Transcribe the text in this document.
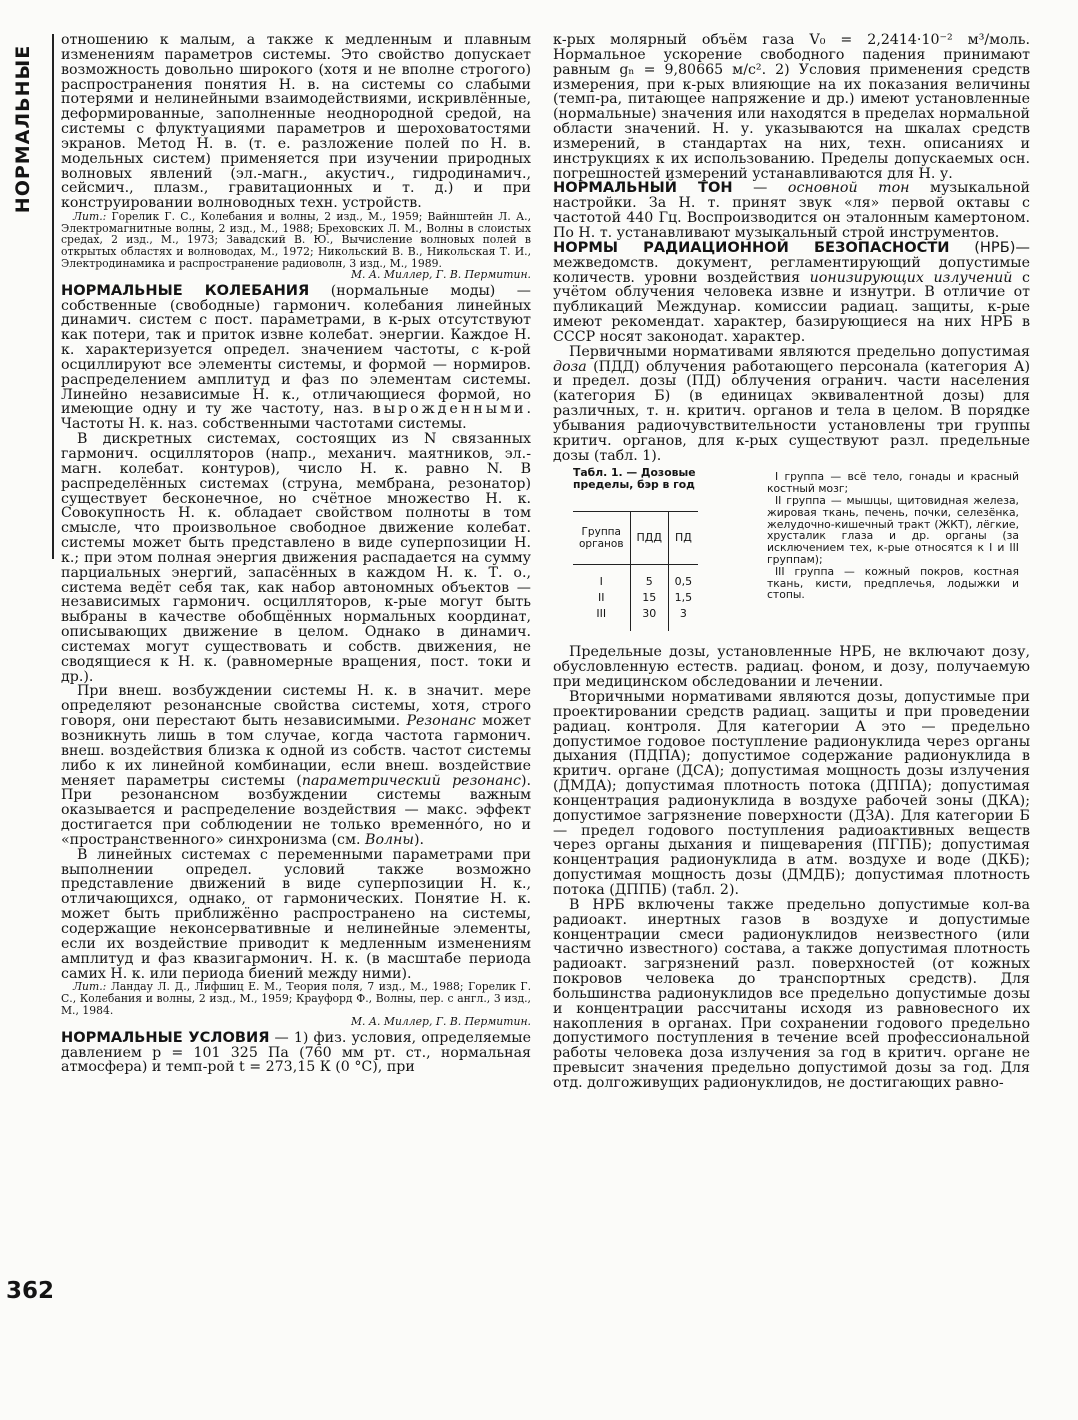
НОРМАЛЬНЫЕ
362

отношению к малым, а также к медленным и плавным изменениям параметров системы. Это свойство допускает возможность довольно широкого (хотя и не вполне строгого) распространения понятия Н. в. на системы со слабыми потерями и нелинейными взаимодействиями, искривлённые, деформированные, заполненные неоднородной средой, на системы с флуктуациями параметров и шероховатостями экранов. Метод Н. в. (т. е. разложение полей по Н. в. модельных систем) применяется при изучении природных волновых явлений (эл.-магн., акустич., гидродинамич., сейсмич., плазм., гравитационных и т. д.) и при конструировании волноводных техн. устройств.

Лит.: Горелик Г. С., Колебания и волны, 2 изд., М., 1959; Вайнштейн Л. А., Электромагнитные волны, 2 изд., М., 1988; Бреховских Л. М., Волны в слоистых средах, 2 изд., М., 1973; Завадский В. Ю., Вычисление волновых полей в открытых областях и волноводах, М., 1972; Никольский В. В., Никольская Т. И., Электродинамика и распространение радиоволн, 3 изд., М., 1989.

М. А. Миллер, Г. В. Пермитин.

НОРМАЛЬНЫЕ КОЛЕБАНИЯ (нормальные моды) — собственные (свободные) гармонич. колебания линейных динамич. систем с пост. параметрами, в к-рых отсутствуют как потери, так и приток извне колебат. энергии. Каждое Н. к. характеризуется определ. значением частоты, с к-рой осциллируют все элементы системы, и формой — нормиров. распределением амплитуд и фаз по элементам системы. Линейно независимые Н. к., отличающиеся формой, но имеющие одну и ту же частоту, наз. вырожденными. Частоты Н. к. наз. собственными частотами системы.

В дискретных системах, состоящих из N связанных гармонич. осцилляторов (напр., механич. маятников, эл.-магн. колебат. контуров), число Н. к. равно N. В распределённых системах (струна, мембрана, резонатор) существует бесконечное, но счётное множество Н. к. Совокупность Н. к. обладает свойством полноты в том смысле, что произвольное свободное движение колебат. системы может быть представлено в виде суперпозиции Н. к.; при этом полная энергия движения распадается на сумму парциальных энергий, запасённых в каждом Н. к. Т. о., система ведёт себя так, как набор автономных объектов — независимых гармонич. осцилляторов, к-рые могут быть выбраны в качестве обобщённых нормальных координат, описывающих движение в целом. Однако в динамич. системах могут существовать и собств. движения, не сводящиеся к Н. к. (равномерные вращения, пост. токи и др.).

При внеш. возбуждении системы Н. к. в значит. мере определяют резонансные свойства системы, хотя, строго говоря, они перестают быть независимыми. Резонанс может возникнуть лишь в том случае, когда частота гармонич. внеш. воздействия близка к одной из собств. частот системы либо к их линейной комбинации, если внеш. воздействие меняет параметры системы (параметрический резонанс). При резонансном возбуждении системы важным оказывается и распределение воздействия — макс. эффект достигается при соблюдении не только временнóго, но и «пространственного» синхронизма (см. Волны).

В линейных системах с переменными параметрами при выполнении определ. условий также возможно представление движений в виде суперпозиции Н. к., отличающихся, однако, от гармонических. Понятие Н. к. может быть приближённо распространено на системы, содержащие неконсервативные и нелинейные элементы, если их воздействие приводит к медленным изменениям амплитуд и фаз квазигармонич. Н. к. (в масштабе периода самих Н. к. или периода биений между ними).

Лит.: Ландау Л. Д., Лифшиц Е. М., Теория поля, 7 изд., М., 1988; Горелик Г. С., Колебания и волны, 2 изд., М., 1959; Крауфорд Ф., Волны, пер. с англ., 3 изд., М., 1984.

М. А. Миллер, Г. В. Пермитин.

НОРМАЛЬНЫЕ УСЛОВИЯ — 1) физ. условия, определяемые давлением p = 101 325 Па (760 мм рт. ст., нормальная атмосфера) и темп-рой t = 273,15 К (0 °C), при

к-рых молярный объём газа V₀ = 2,2414·10⁻² м³/моль. Нормальное ускорение свободного падения принимают равным gₙ = 9,80665 м/с². 2) Условия применения средств измерения, при к-рых влияющие на их показания величины (темп-ра, питающее напряжение и др.) имеют установленные (нормальные) значения или находятся в пределах нормальной области значений. Н. у. указываются на шкалах средств измерений, в стандартах на них, техн. описаниях и инструкциях к их использованию. Пределы допускаемых осн. погрешностей измерений устанавливаются для Н. у.

НОРМАЛЬНЫЙ ТОН — основной тон музыкальной настройки. За Н. т. принят звук «ля» первой октавы с частотой 440 Гц. Воспроизводится он эталонным камертоном. По Н. т. устанавливают музыкальный строй инструментов.

НОРМЫ РАДИАЦИОННОЙ БЕЗОПАСНОСТИ (НРБ)— межведомств. документ, регламентирующий допустимые количеств. уровни воздействия ионизирующих излучений с учётом облучения человека извне и изнутри. В отличие от публикаций Междунар. комиссии радиац. защиты, к-рые имеют рекомендат. характер, базирующиеся на них НРБ в СССР носят законодат. характер.

Первичными нормативами являются предельно допустимая доза (ПДД) облучения работающего персонала (категория А) и предел. дозы (ПД) облучения огранич. части населения (категория Б) (в единицах эквивалентной дозы) для различных, т. н. критич. органов и тела в целом. В порядке убывания радиочувствительности установлены три группы критич. органов, для к-рых существуют разл. предельные дозы (табл. 1).

Табл. 1. — Дозовые пределы, бэр в год
Группа органов	ПДД	ПД
I	5	0,5
II	15	1,5
III	30	3
I группа — всё тело, гонады и красный костный мозг;
II группа — мышцы, щитовидная железа, жировая ткань, печень, почки, селезёнка, желудочно-кишечный тракт (ЖКТ), лёгкие, хрусталик глаза и др. органы (за исключением тех, к-рые относятся к I и III группам);
III группа — кожный покров, костная ткань, кисти, предплечья, лодыжки и стопы.

Предельные дозы, установленные НРБ, не включают дозу, обусловленную естеств. радиац. фоном, и дозу, получаемую при медицинском обследовании и лечении.

Вторичными нормативами являются дозы, допустимые при проектировании средств радиац. защиты и при проведении радиац. контроля. Для категории А это — предельно допустимое годовое поступление радионуклида через органы дыхания (ПДПA); допустимое содержание радионуклида в критич. органе (ДСA); допустимая мощность дозы излучения (ДМДA); допустимая плотность потока (ДППA); допустимая концентрация радионуклида в воздухе рабочей зоны (ДКA); допустимое загрязнение поверхности (ДЗA). Для категории Б — предел годового поступления радиоактивных веществ через органы дыхания и пищеварения (ПГПБ); допустимая концентрация радионуклида в атм. воздухе и воде (ДКБ); допустимая мощность дозы (ДМДБ); допустимая плотность потока (ДППБ) (табл. 2).

В НРБ включены также предельно допустимые кол-ва радиоакт. инертных газов в воздухе и допустимые концентрации смеси радионуклидов неизвестного (или частично известного) состава, а также допустимая плотность радиоакт. загрязнений разл. поверхностей (от кожных покровов человека до транспортных средств). Для большинства радионуклидов все предельно допустимые дозы и концентрации рассчитаны исходя из равновесного их накопления в органах. При сохранении годового предельно допустимого поступления в течение всей профессиональной работы человека доза излучения за год в критич. органе не превысит значения предельно допустимой дозы за год. Для отд. долгоживущих радионуклидов, не достигающих равно-
